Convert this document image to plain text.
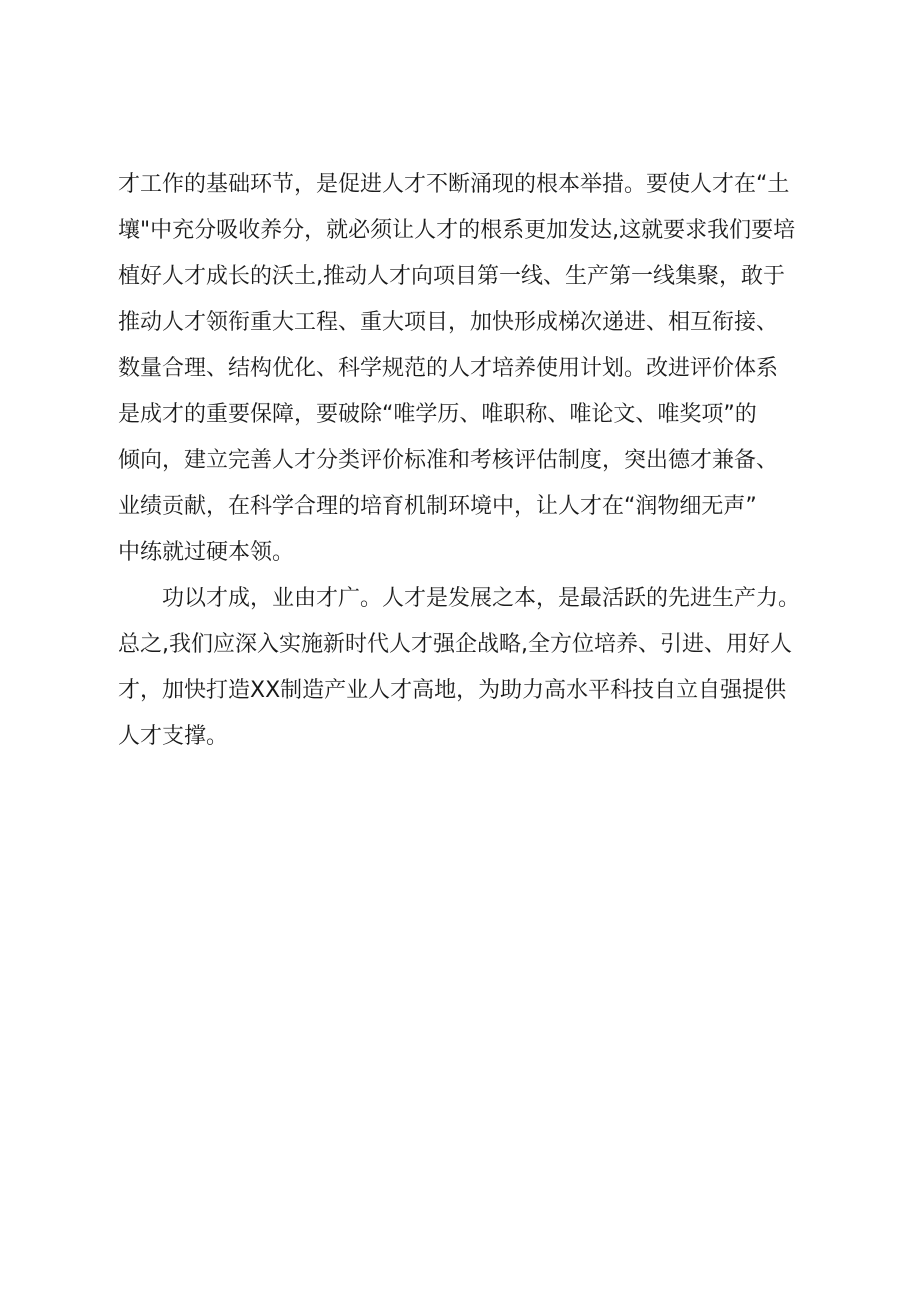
才工作的基础环节，是促进人才不断涌现的根本举措。要使人才在“土
壤"中充分吸收养分，就必须让人才的根系更加发达,这就要求我们要培
植好人才成长的沃土,推动人才向项目第一线、生产第一线集聚，敢于
推动人才领衔重大工程、重大项目，加快形成梯次递进、相互衔接、
数量合理、结构优化、科学规范的人才培养使用计划。改进评价体系
是成才的重要保障，要破除“唯学历、唯职称、唯论文、唯奖项”的
倾向，建立完善人才分类评价标准和考核评估制度，突出德才兼备、
业绩贡献，在科学合理的培育机制环境中，让人才在“润物细无声”
中练就过硬本领。
功以才成，业由才广。人才是发展之本，是最活跃的先进生产力。
总之,我们应深入实施新时代人才强企战略,全方位培养、引进、用好人
才，加快打造XX制造产业人才高地，为助力高水平科技自立自强提供
人才支撑。
